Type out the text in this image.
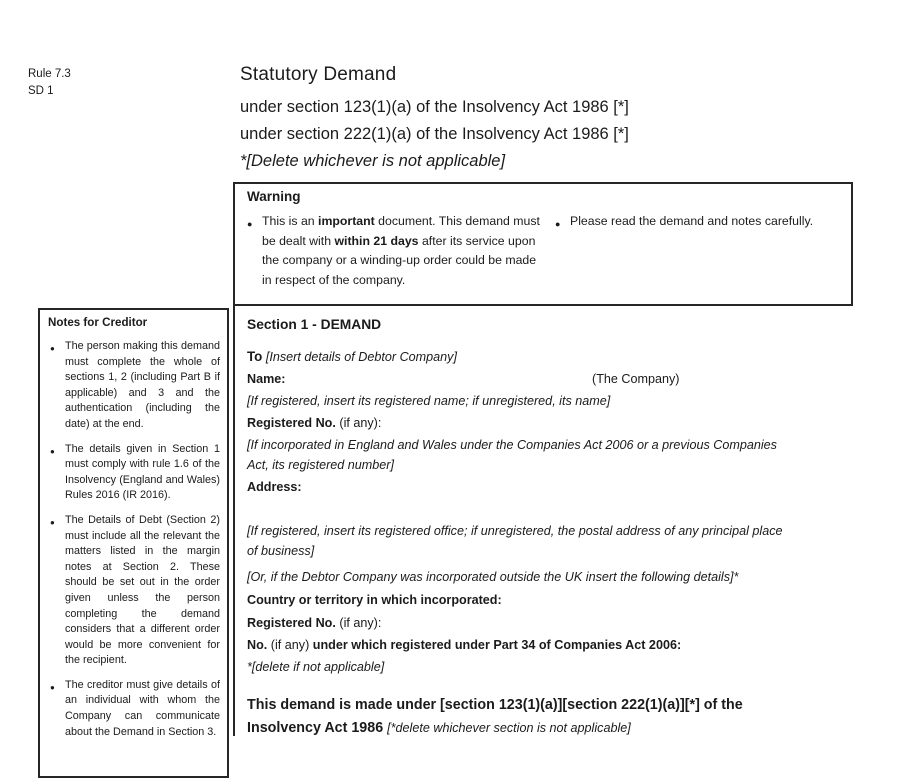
Rule 7.3
SD 1
Statutory Demand
under section 123(1)(a) of the Insolvency Act 1986 [*]
under section 222(1)(a) of the Insolvency Act 1986 [*]
*[Delete whichever is not applicable]
Warning
● This is an important document. This demand must be dealt with within 21 days after its service upon the company or a winding-up order could be made in respect of the company.
● Please read the demand and notes carefully.
Notes for Creditor
● The person making this demand must complete the whole of sections 1, 2 (including Part B if applicable) and 3 and the authentication (including the date) at the end.
● The details given in Section 1 must comply with rule 1.6 of the Insolvency (England and Wales) Rules 2016 (IR 2016).
● The Details of Debt (Section 2) must include all the relevant the matters listed in the margin notes at Section 2. These should be set out in the order given unless the person completing the demand considers that a different order would be more convenient for the recipient.
● The creditor must give details of an individual with whom the Company can communicate about the Demand in Section 3.
Section 1 - DEMAND

To [Insert details of Debtor Company]

Name:	(The Company)

[If registered, insert its registered name; if unregistered, its name]

Registered No. (if any):

[If incorporated in England and Wales under the Companies Act 2006 or a previous Companies
Act, its registered number]

Address:

[If registered, insert its registered office; if unregistered, the postal address of any principal place
of business]

[Or, if the Debtor Company was incorporated outside the UK insert the following details]*

Country or territory in which incorporated:

Registered No. (if any):

No. (if any) under which registered under Part 34 of Companies Act 2006:

*[delete if not applicable]

This demand is made under [section 123(1)(a)][section 222(1)(a)][*] of the
Insolvency Act 1986 [*delete whichever section is not applicable]
